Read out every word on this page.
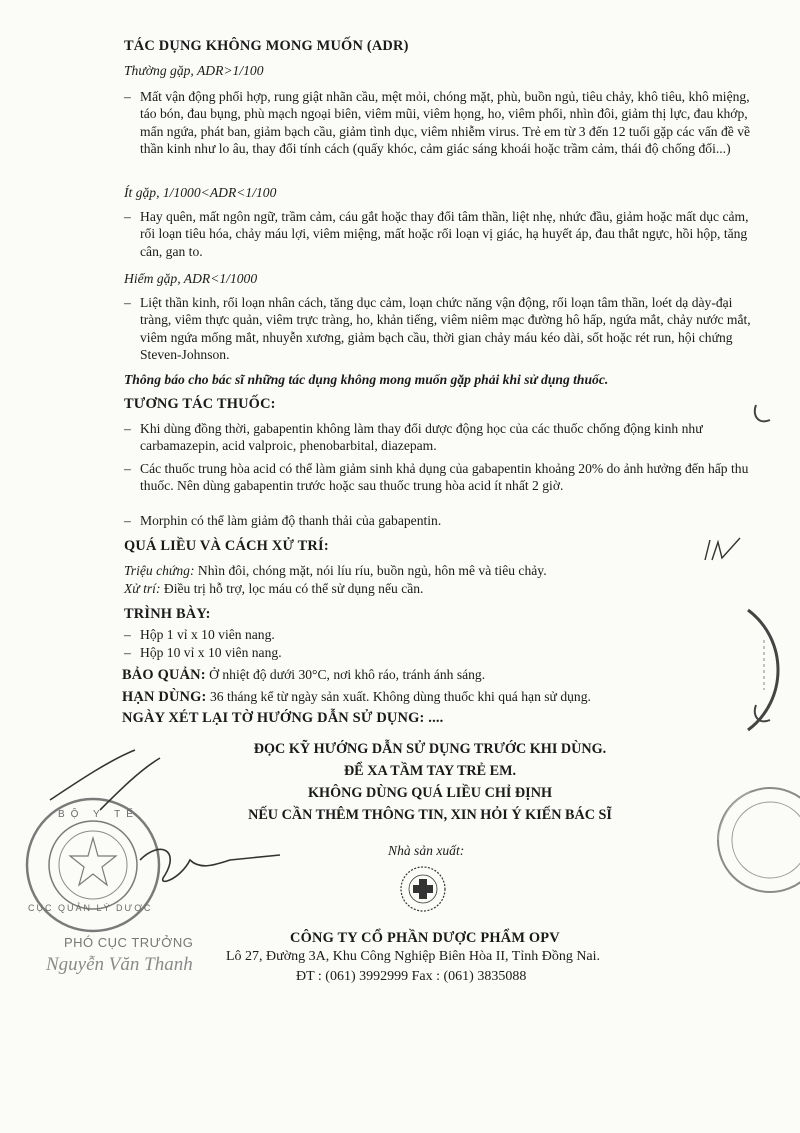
TÁC DỤNG KHÔNG MONG MUỐN (ADR)
Thường gặp, ADR>1/100
– Mất vận động phối hợp, rung giật nhãn cầu, mệt mỏi, chóng mặt, phù, buồn ngủ, tiêu chảy, khô tiêu, khô miệng, táo bón, đau bụng, phù mạch ngoại biên, viêm mũi, viêm họng, ho, viêm phổi, nhìn đôi, giảm thị lực, đau khớp, mẩn ngứa, phát ban, giảm bạch cầu, giảm tình dục, viêm nhiễm virus. Trẻ em từ 3 đến 12 tuổi gặp các vấn đề về thần kinh như lo âu, thay đổi tính cách (quấy khóc, cảm giác sáng khoái hoặc trầm cảm, thái độ chống đối...)
Ít gặp, 1/1000<ADR<1/100
– Hay quên, mất ngôn ngữ, trầm cảm, cáu gắt hoặc thay đổi tâm thần, liệt nhẹ, nhức đầu, giảm hoặc mất dục cảm, rối loạn tiêu hóa, chảy máu lợi, viêm miệng, mất hoặc rối loạn vị giác, hạ huyết áp, đau thắt ngực, hồi hộp, tăng cân, gan to.
Hiếm gặp, ADR<1/1000
– Liệt thần kinh, rối loạn nhân cách, tăng dục cảm, loạn chức năng vận động, rối loạn tâm thần, loét dạ dày-đại tràng, viêm thực quản, viêm trực tràng, ho, khản tiếng, viêm niêm mạc đường hô hấp, ngứa mắt, chảy nước mắt, viêm ngứa mống mắt, nhuyễn xương, giảm bạch cầu, thời gian chảy máu kéo dài, sốt hoặc rét run, hội chứng Steven-Johnson.
Thông báo cho bác sĩ những tác dụng không mong muốn gặp phải khi sử dụng thuốc.
TƯƠNG TÁC THUỐC:
– Khi dùng đồng thời, gabapentin không làm thay đổi dược động học của các thuốc chống động kinh như carbamazepin, acid valproic, phenobarbital, diazepam.
– Các thuốc trung hòa acid có thể làm giảm sinh khả dụng của gabapentin khoảng 20% do ảnh hưởng đến hấp thu thuốc. Nên dùng gabapentin trước hoặc sau thuốc trung hòa acid ít nhất 2 giờ.
– Morphin có thể làm giảm độ thanh thải của gabapentin.
QUÁ LIỀU VÀ CÁCH XỬ TRÍ:
Triệu chứng: Nhìn đôi, chóng mặt, nói líu ríu, buồn ngủ, hôn mê và tiêu chảy.
Xử trí: Điều trị hỗ trợ, lọc máu có thể sử dụng nếu cần.
TRÌNH BÀY:
– Hộp 1 vỉ x 10 viên nang.
– Hộp 10 vỉ x 10 viên nang.
BẢO QUẢN: Ở nhiệt độ dưới 30°C, nơi khô ráo, tránh ánh sáng.
HẠN DÙNG: 36 tháng kể từ ngày sản xuất. Không dùng thuốc khi quá hạn sử dụng.
NGÀY XÉT LẠI TỜ HƯỚNG DẪN SỬ DỤNG: ....
ĐỌC KỸ HƯỚNG DẪN SỬ DỤNG TRƯỚC KHI DÙNG.
ĐỂ XA TẦM TAY TRẺ EM.
KHÔNG DÙNG QUÁ LIỀU CHỈ ĐỊNH
NẾU CẦN THÊM THÔNG TIN, XIN HỎI Ý KIẾN BÁC SĨ
Nhà sản xuất:
CÔNG TY CỔ PHẦN DƯỢC PHẨM OPV
Lô 27, Đường 3A, Khu Công Nghiệp Biên Hòa II, Tỉnh Đồng Nai.
ĐT : (061) 3992999 Fax : (061) 3835088
BỘ Y TẾ
CỤC QUẢN LÝ DƯỢC
PHÓ CỤC TRƯỞNG
Nguyễn Văn Thanh
